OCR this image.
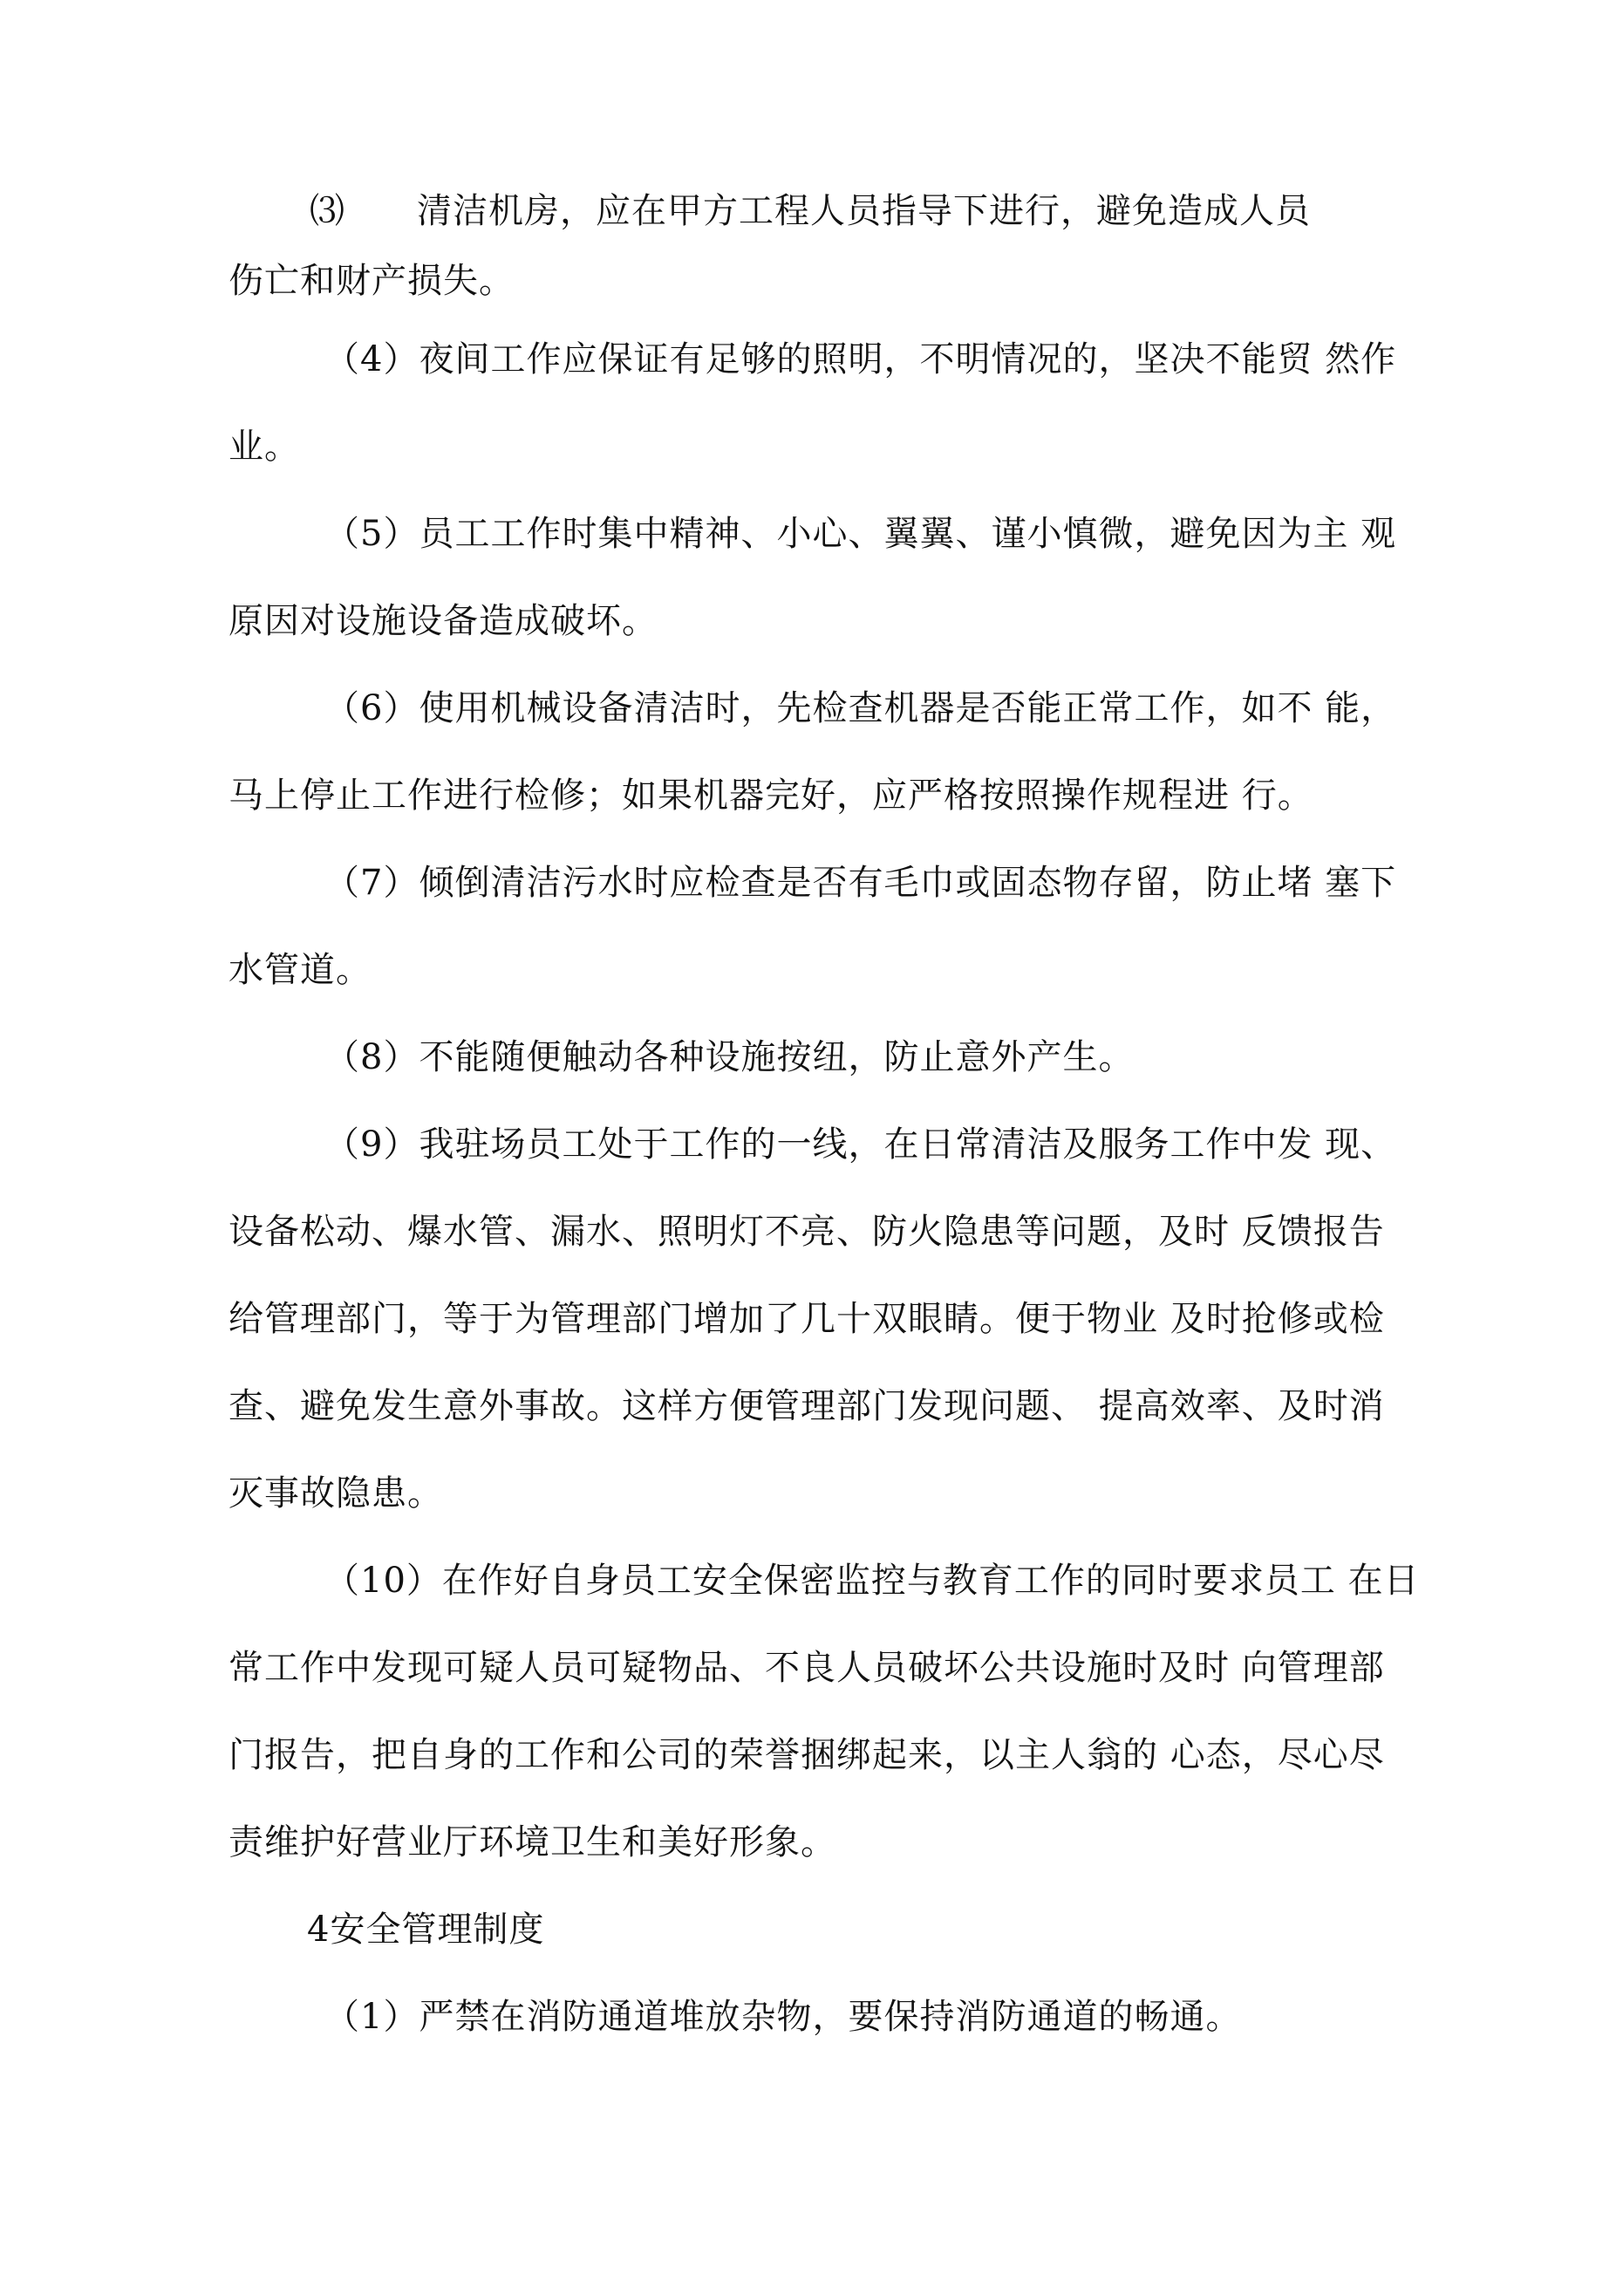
⑶　　清洁机房，应在甲方工程人员指导下进行，避免造成人员
伤亡和财产损失。
（4）夜间工作应保证有足够的照明，不明情况的，坚决不能贸 然作
业。
（5）员工工作时集中精神、小心、翼翼、谨小慎微，避免因为主 观
原因对设施设备造成破坏。
（6）使用机械设备清洁时，先检查机器是否能正常工作，如不 能，
马上停止工作进行检修；如果机器完好，应严格按照操作规程进 行。
（7）倾倒清洁污水时应检查是否有毛巾或固态物存留，防止堵 塞下
水管道。
（8）不能随便触动各种设施按纽，防止意外产生。
（9）我驻场员工处于工作的一线，在日常清洁及服务工作中发 现、
设备松动、爆水管、漏水、照明灯不亮、防火隐患等问题，及时 反馈报告
给管理部门，等于为管理部门增加了几十双眼睛。便于物业 及时抢修或检
查、避免发生意外事故。这样方便管理部门发现问题、 提高效率、及时消
灭事故隐患。
（10）在作好自身员工安全保密监控与教育工作的同时要求员工 在日
常工作中发现可疑人员可疑物品、不良人员破坏公共设施时及时 向管理部
门报告，把自身的工作和公司的荣誉捆绑起来，以主人翁的 心态，尽心尽
责维护好营业厅环境卫生和美好形象。
4安全管理制度
（1）严禁在消防通道堆放杂物，要保持消防通道的畅通。
